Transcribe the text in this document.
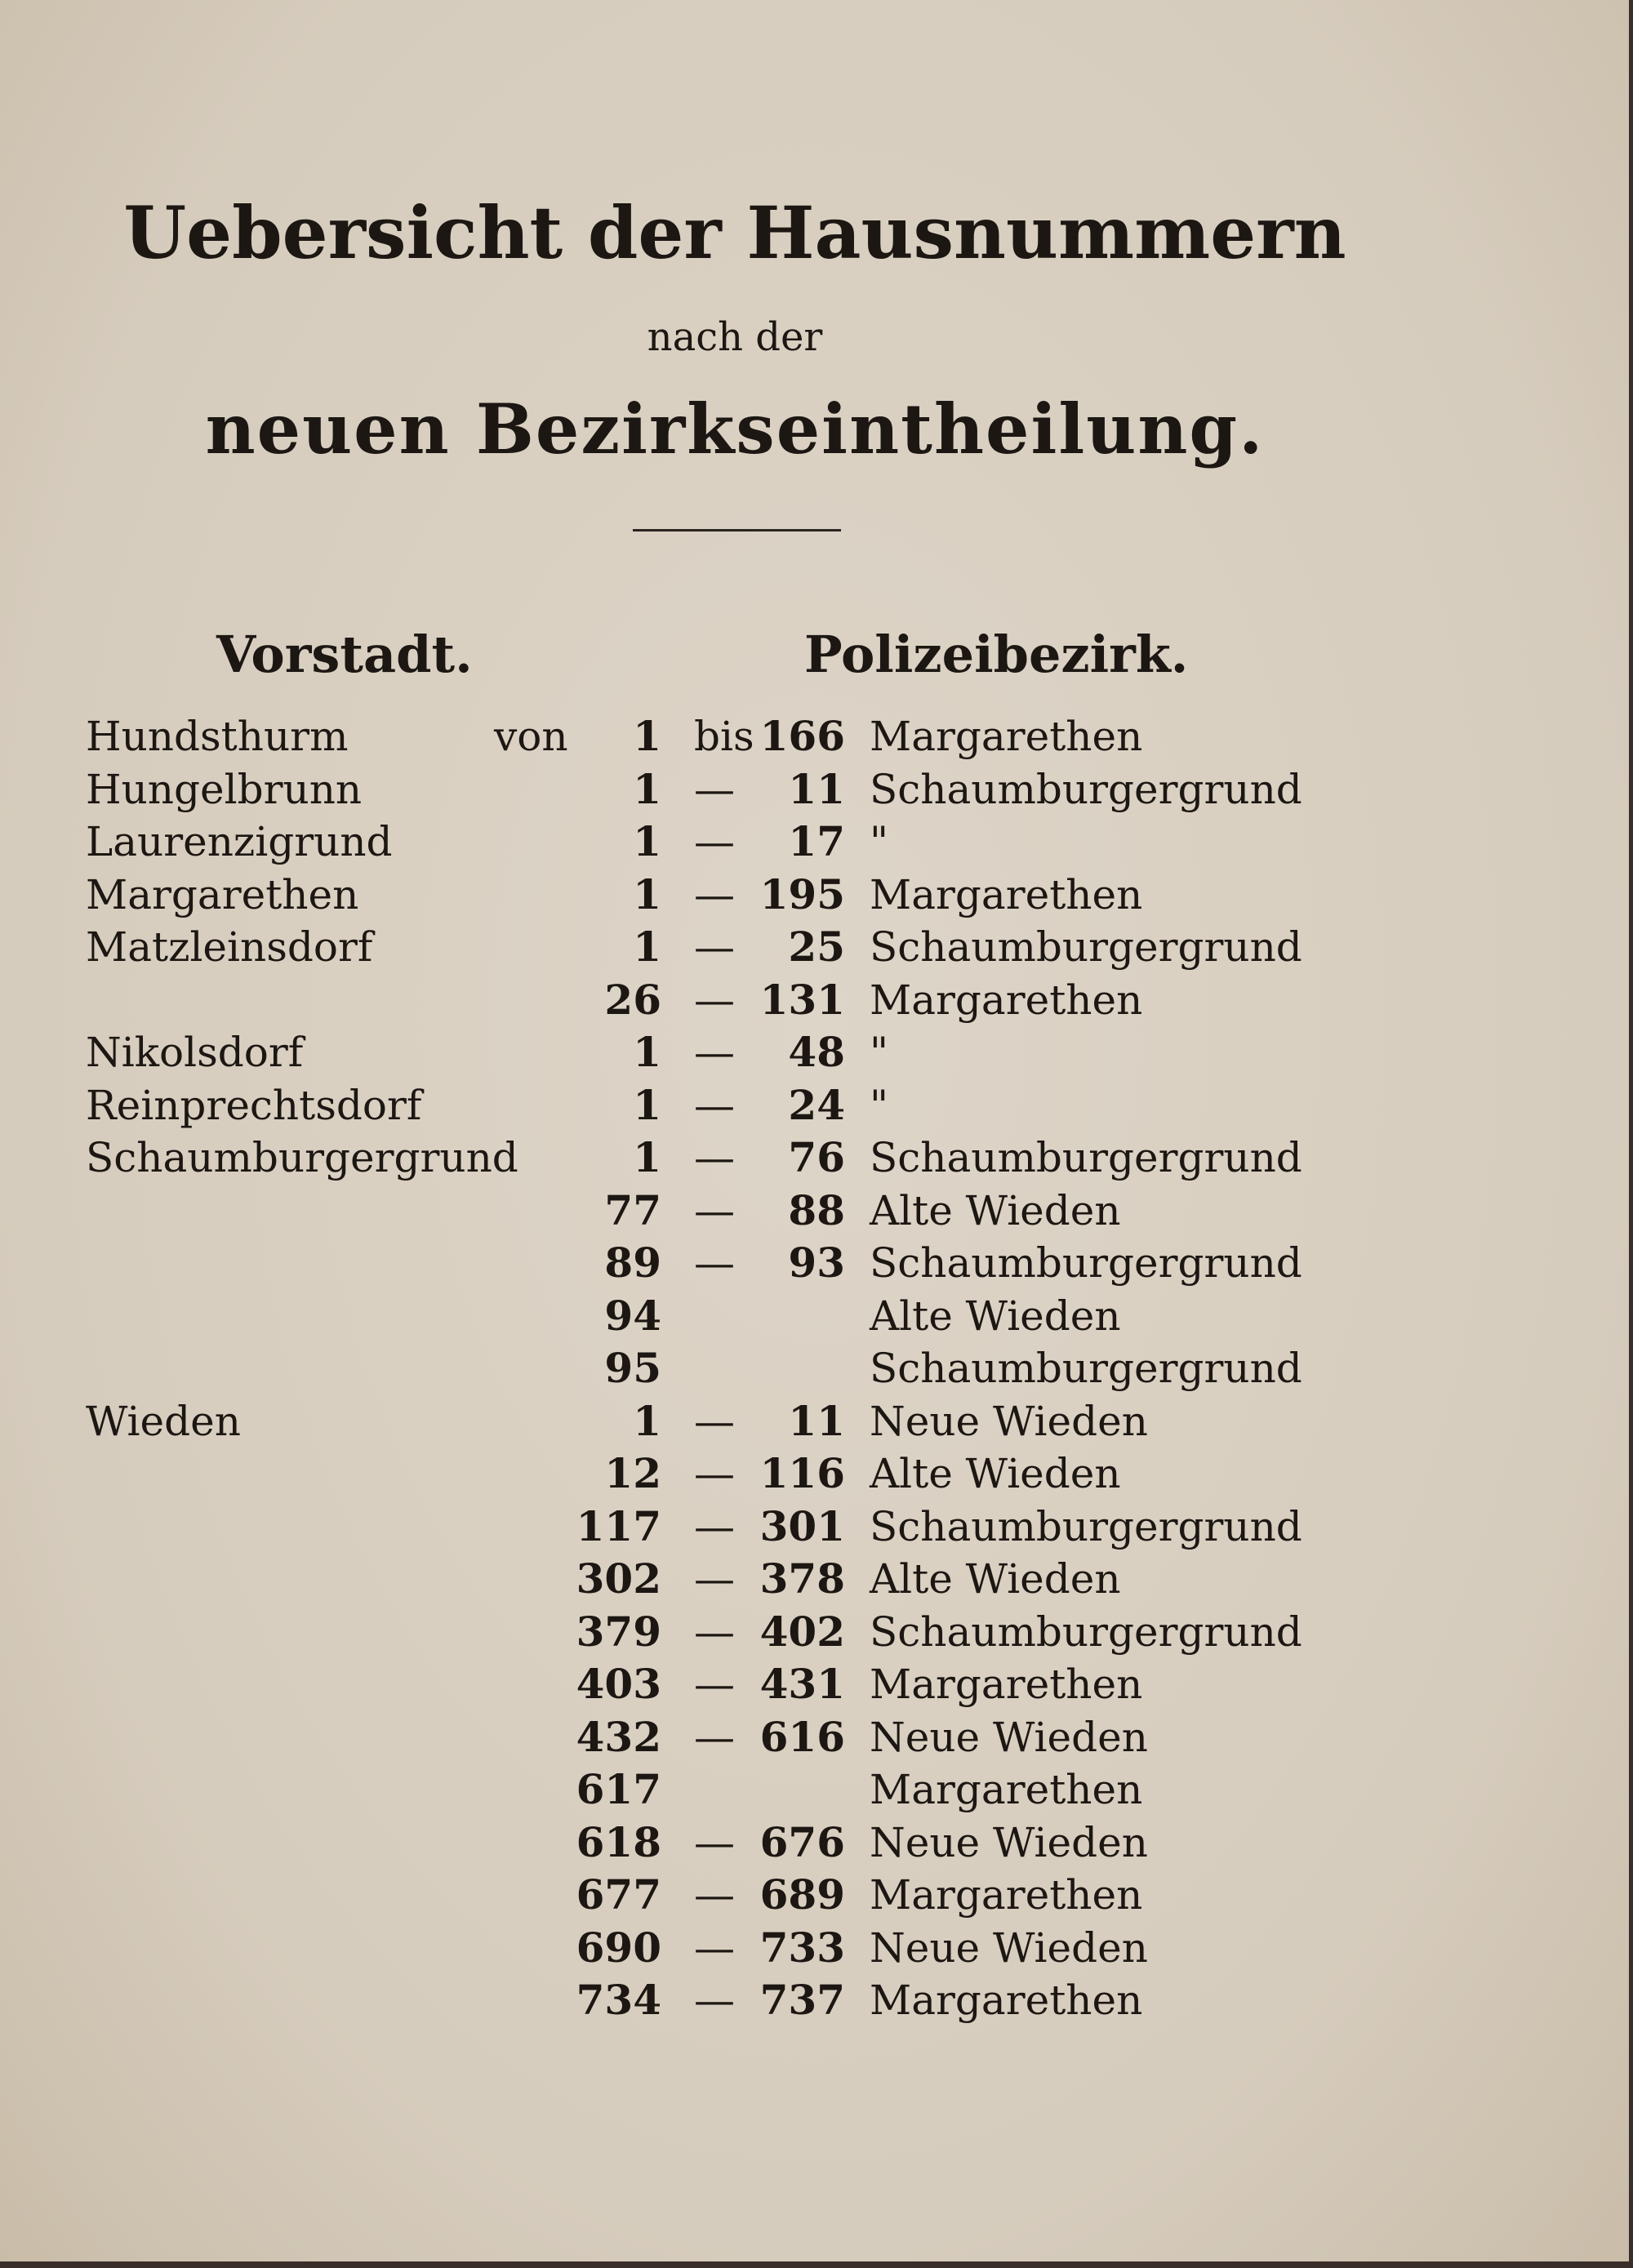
Uebersicht der Hausnummern
nach der
neuen Bezirkseintheilung.
Vorstadt.	Polizeibezirk.
Hundsthurm	von 1 bis 166 Margarethen
Hungelbrunn	1 — 11 Schaumburgergrund
Laurenzigrund	1 — 17 "
Margarethen	1 — 195 Margarethen
Matzleinsdorf	1 — 25 Schaumburgergrund
26 — 131 Margarethen
Nikolsdorf	1 — 48 "
Reinprechtsdorf	1 — 24 "
Schaumburgergrund	1 — 76 Schaumburgergrund
77 — 88 Alte Wieden
89 — 93 Schaumburgergrund
94	Alte Wieden
95	Schaumburgergrund
Wieden	1 — 11 Neue Wieden
12 — 116 Alte Wieden
117 — 301 Schaumburgergrund
302 — 378 Alte Wieden
379 — 402 Schaumburgergrund
403 — 431 Margarethen
432 — 616 Neue Wieden
617	Margarethen
618 — 676 Neue Wieden
677 — 689 Margarethen
690 — 733 Neue Wieden
734 — 737 Margarethen
